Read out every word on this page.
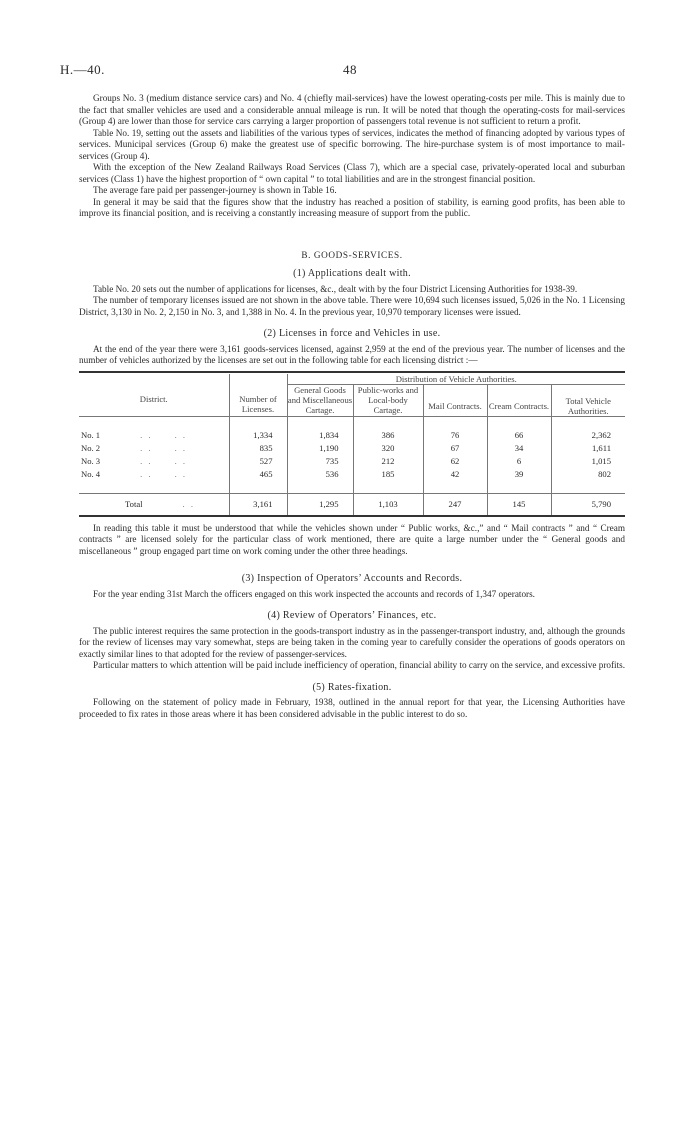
H.—40.	48

Groups No. 3 (medium distance service cars) and No. 4 (chiefly mail-services) have the lowest operating-costs per mile. This is mainly due to the fact that smaller vehicles are used and a considerable annual mileage is run. It will be noted that though the operating-costs for mail-services (Group 4) are lower than those for service cars carrying a larger proportion of passengers total revenue is not sufficient to return a profit.

Table No. 19, setting out the assets and liabilities of the various types of services, indicates the method of financing adopted by various types of services. Municipal services (Group 6) make the greatest use of specific borrowing. The hire-purchase system is of most importance to mail-services (Group 4).

With the exception of the New Zealand Railways Road Services (Class 7), which are a special case, privately-operated local and suburban services (Class 1) have the highest proportion of “ own capital ” to total liabilities and are in the strongest financial position.

The average fare paid per passenger-journey is shown in Table 16.

In general it may be said that the figures show that the industry has reached a position of stability, is earning good profits, has been able to improve its financial position, and is receiving a constantly increasing measure of support from the public.

B. GOODS-SERVICES.
(1) Applications dealt with.

Table No. 20 sets out the number of applications for licenses, &c., dealt with by the four District Licensing Authorities for 1938-39.

The number of temporary licenses issued are not shown in the above table. There were 10,694 such licenses issued, 5,026 in the No. 1 Licensing District, 3,130 in No. 2, 2,150 in No. 3, and 1,388 in No. 4. In the previous year, 10,970 temporary licenses were issued.

(2) Licenses in force and Vehicles in use.

At the end of the year there were 3,161 goods-services licensed, against 2,959 at the end of the previous year. The number of licenses and the number of vehicles authorized by the licenses are set out in the following table for each licensing district :—

District.	Number of Licenses.	Distribution of Vehicle Authorities.				
		General Goods and Miscellaneous Cartage.	Public-works and Local-body Cartage.	Mail Contracts.	Cream Contracts.	Total Vehicle Authorities.

No. 1 . . . .	1,334	1,834	386	76	66	2,362
No. 2 . . . .	835	1,190	320	67	34	1,611
No. 3 . . . .	527	735	212	62	6	1,015
No. 4 . . . .	465	536	185	42	39	802

Total . .	3,161	1,295	1,103	247	145	5,790

In reading this table it must be understood that while the vehicles shown under “ Public works, &c.,” and “ Mail contracts ” and “ Cream contracts ” are licensed solely for the particular class of work mentioned, there are quite a large number under the “ General goods and miscellaneous ” group engaged part time on work coming under the other three headings.

(3) Inspection of Operators’ Accounts and Records.

For the year ending 31st March the officers engaged on this work inspected the accounts and records of 1,347 operators.

(4) Review of Operators’ Finances, etc.

The public interest requires the same protection in the goods-transport industry as in the passenger-transport industry, and, although the grounds for the review of licenses may vary somewhat, steps are being taken in the coming year to carefully consider the operations of goods operators on exactly similar lines to that adopted for the review of passenger-services.

Particular matters to which attention will be paid include inefficiency of operation, financial ability to carry on the service, and excessive profits.

(5) Rates-fixation.

Following on the statement of policy made in February, 1938, outlined in the annual report for that year, the Licensing Authorities have proceeded to fix rates in those areas where it has been considered advisable in the public interest to do so.
